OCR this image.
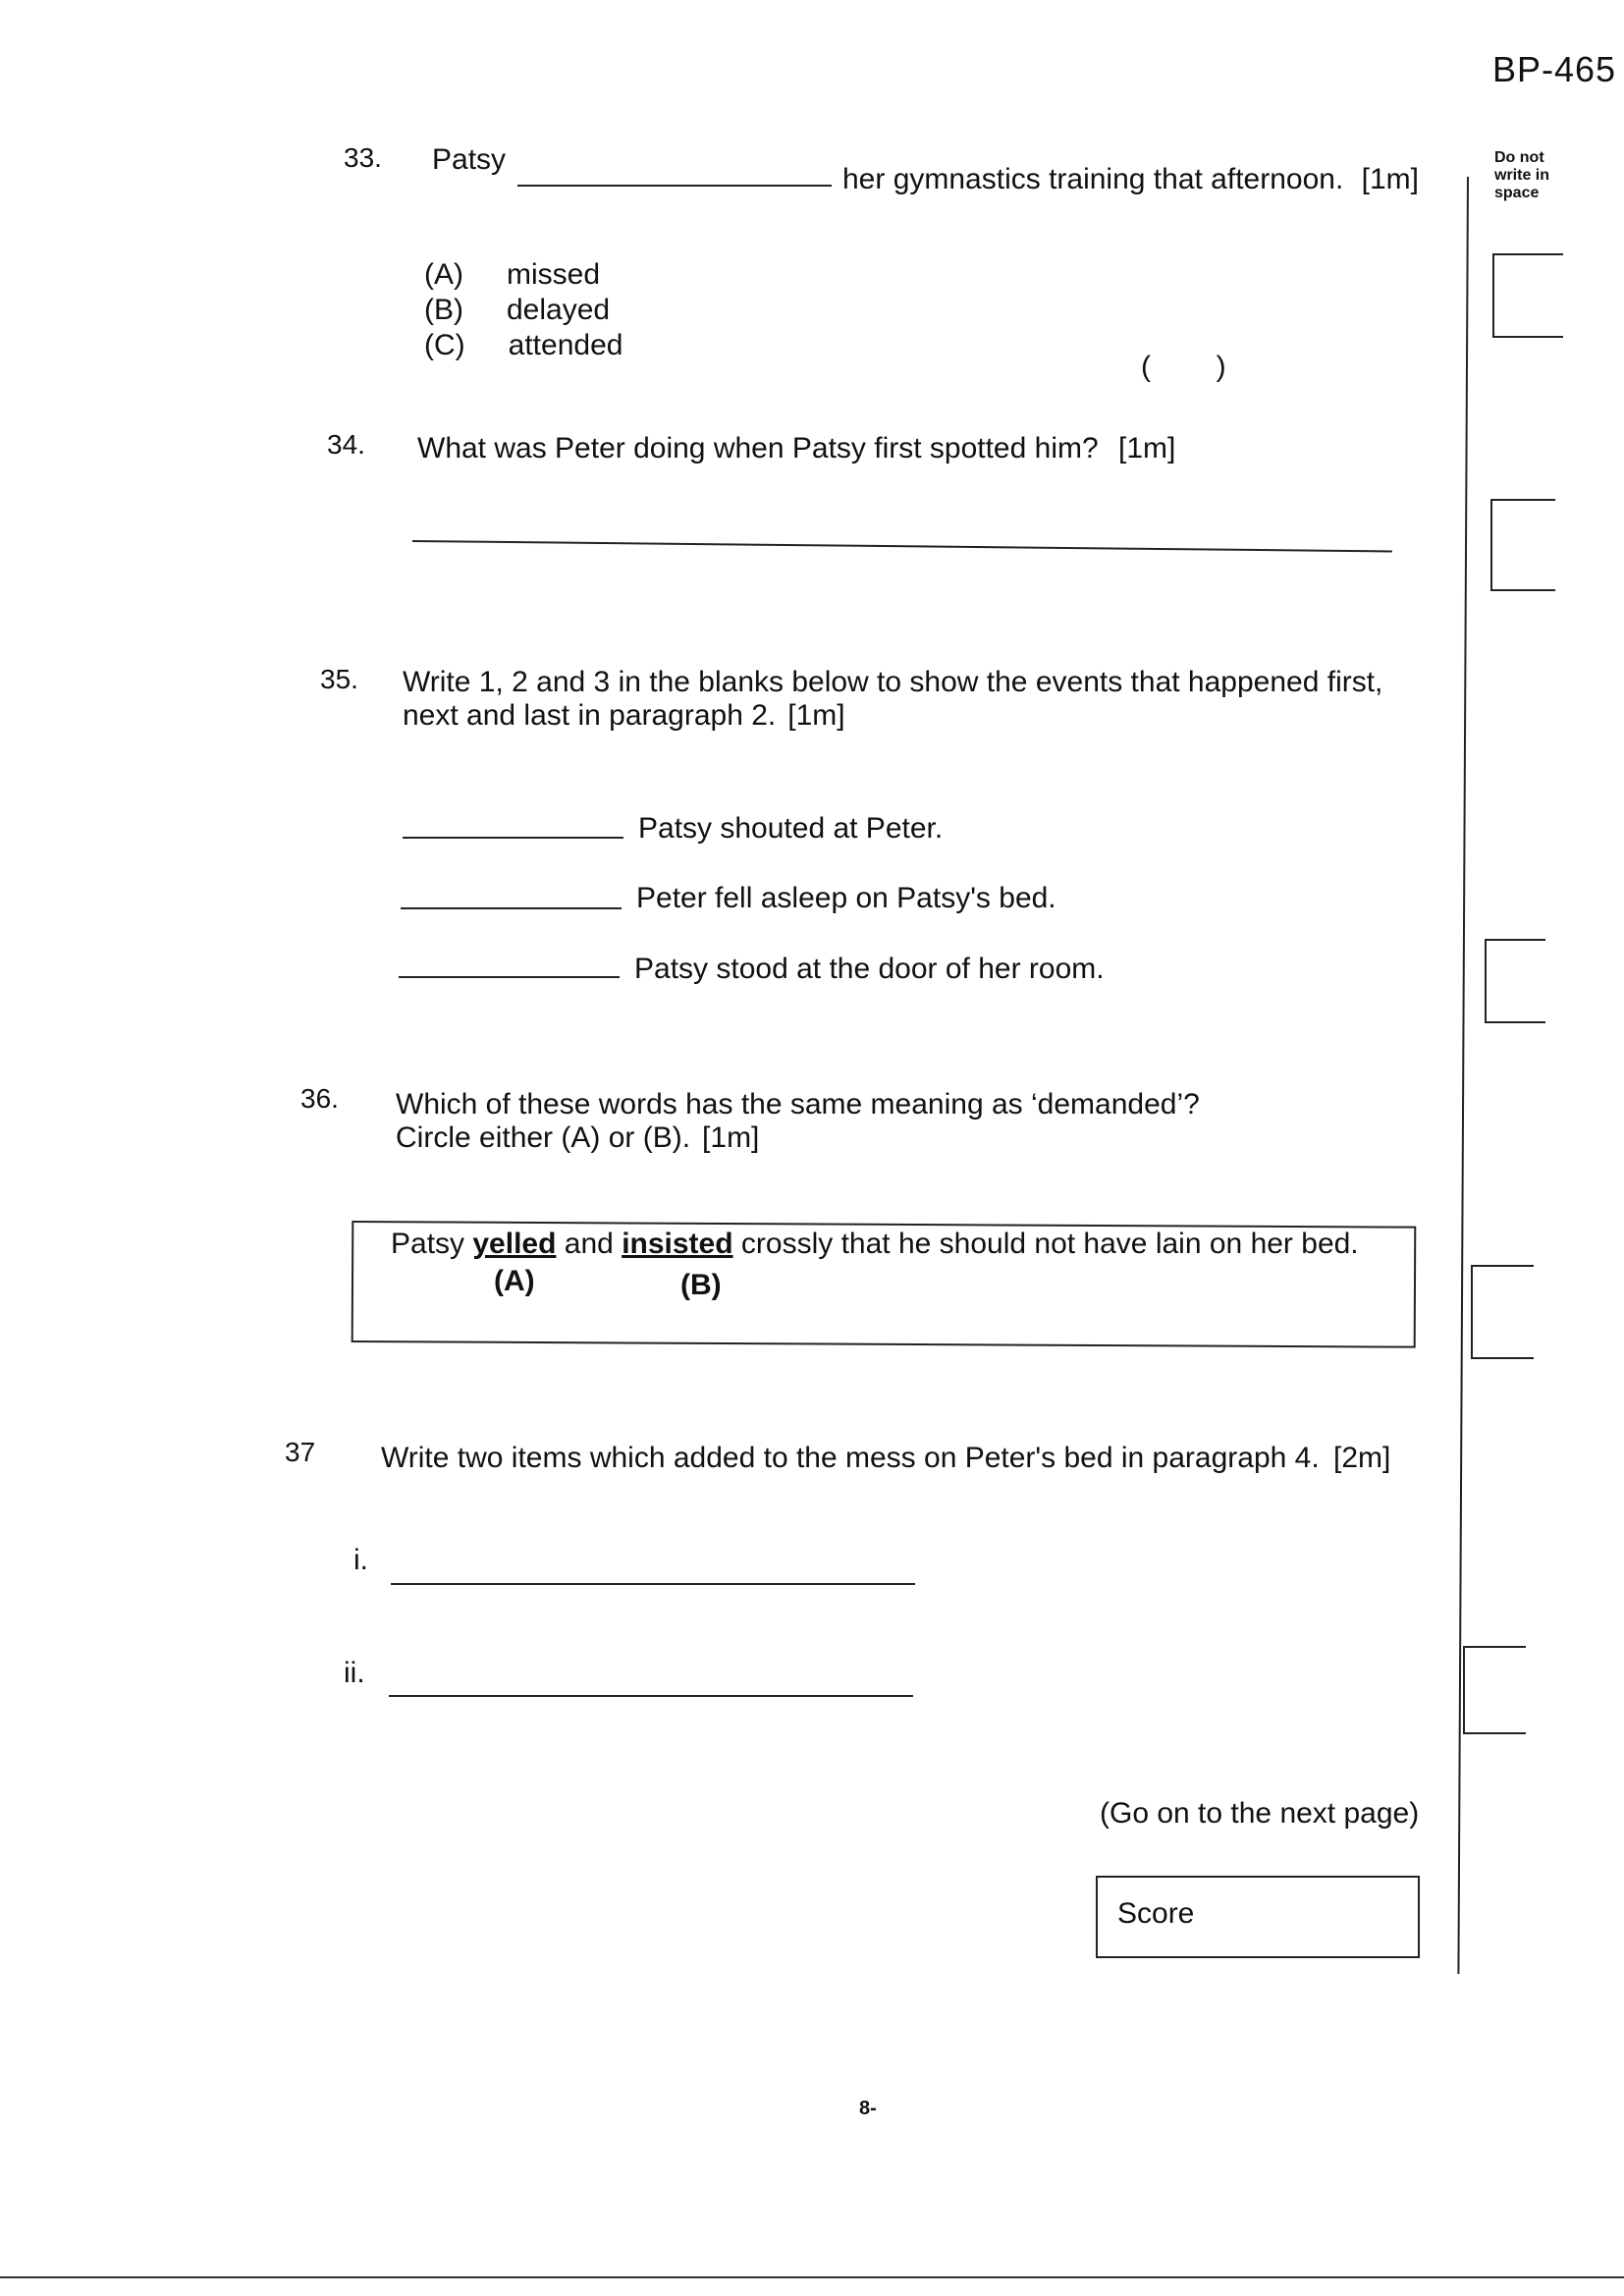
BP-465
Do not
write in
space
33. Patsy
her gymnastics training that afternoon. [1m]
(A) missed
(B) delayed
(C) attended
(        )
34. What was Peter doing when Patsy first spotted him? [1m]
35. Write 1, 2 and 3 in the blanks below to show the events that happened first,
next and last in paragraph 2. [1m]
Patsy shouted at Peter.
Peter fell asleep on Patsy's bed.
Patsy stood at the door of her room.
36. Which of these words has the same meaning as ‘demanded’?
Circle either (A) or (B). [1m]
Patsy yelled and insisted crossly that he should not have lain on her bed.
(A)	(B)
37 Write two items which added to the mess on Peter's bed in paragraph 4. [2m]
i.
ii.
(Go on to the next page)
Score
8-
